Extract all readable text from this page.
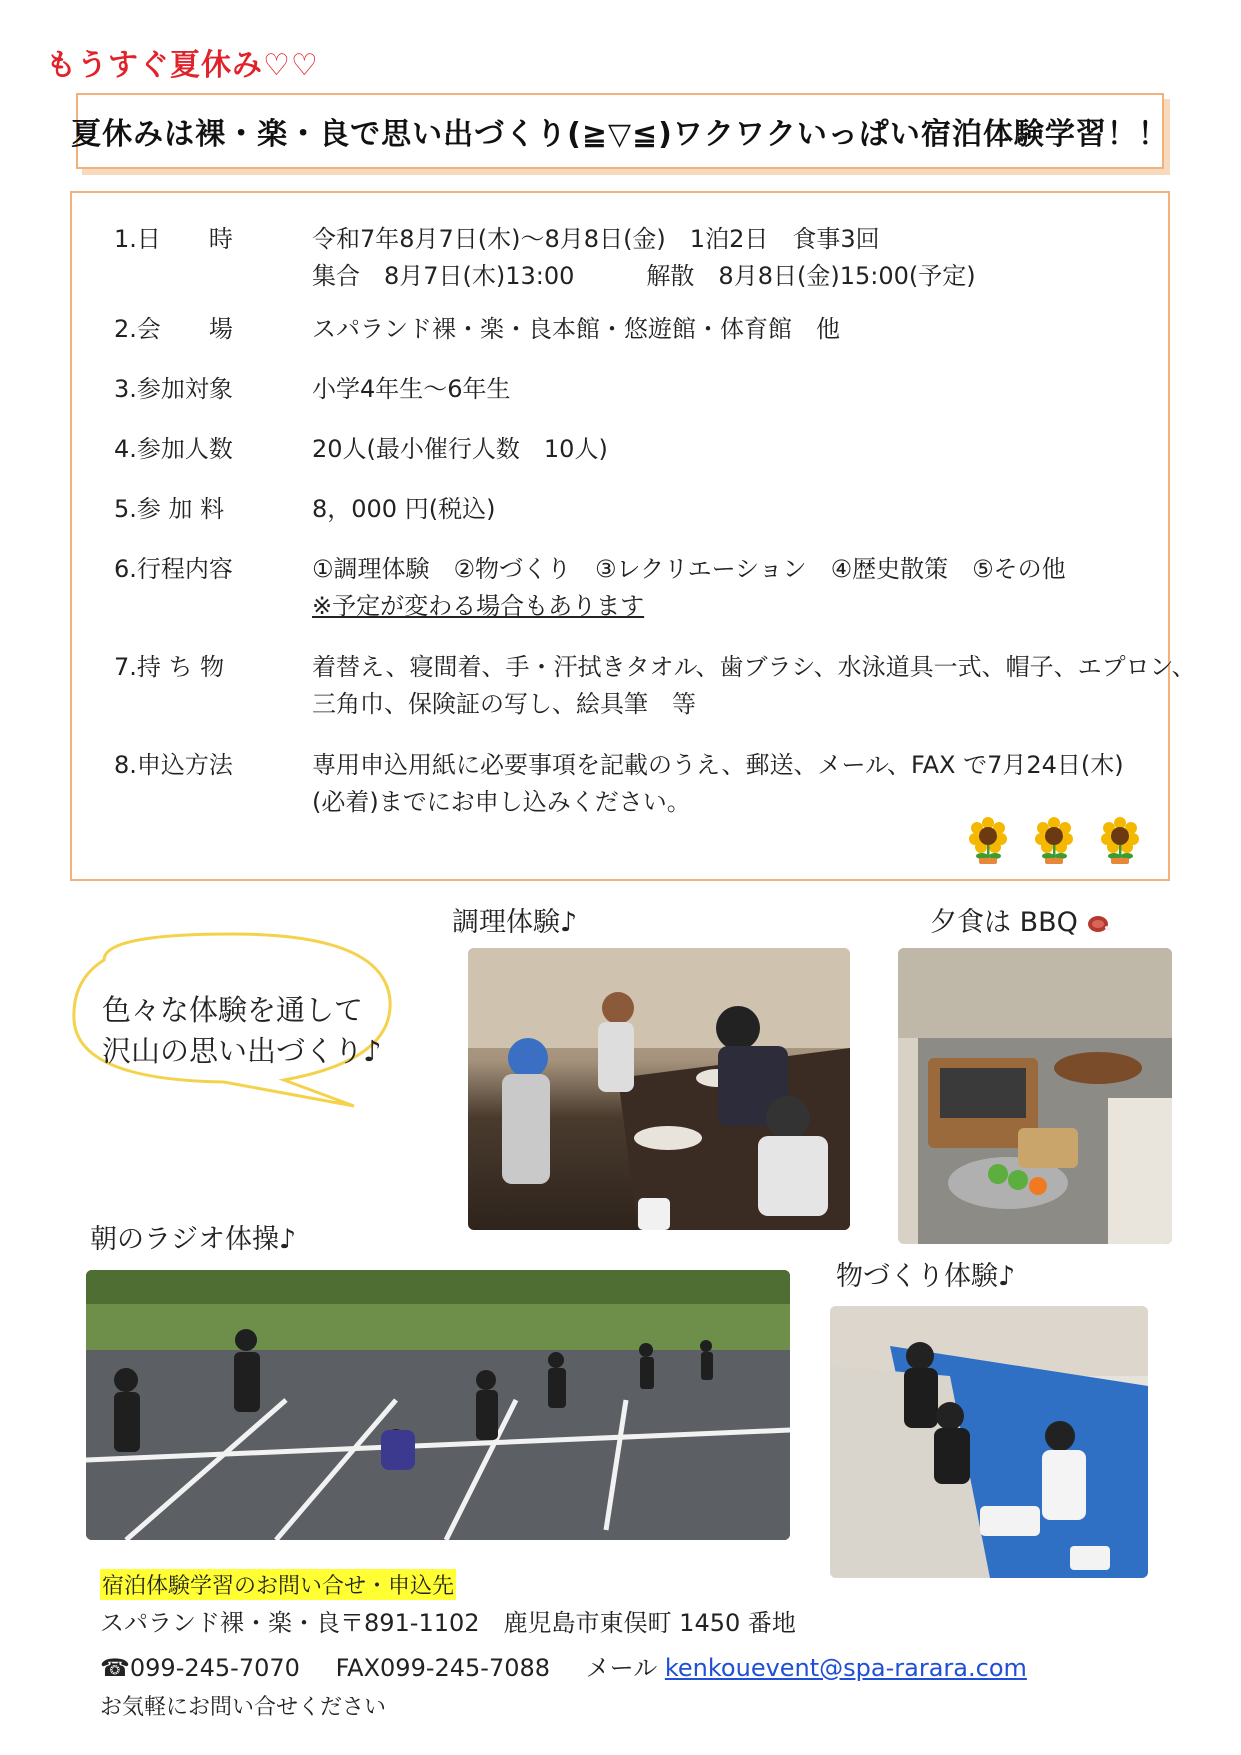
もうすぐ夏休み♡♡
夏休みは裸・楽・良で思い出づくり(≧▽≦)ワクワクいっぱい宿泊体験学習！！
1.日　　時	令和7年8月7日(木)～8月8日(金)　1泊2日　食事3回
集合　8月7日(木)13:00　　　解散　8月8日(金)15:00(予定)
2.会　　場	スパランド裸・楽・良本館・悠遊館・体育館　他
3.参加対象	小学4年生～6年生
4.参加人数	20人(最小催行人数　10人)
5.参 加 料	8，000 円(税込)
6.行程内容	①調理体験　②物づくり　③レクリエーション　④歴史散策　⑤その他
※予定が変わる場合もあります
7.持 ち 物	着替え、寝間着、手・汗拭きタオル、歯ブラシ、水泳道具一式、帽子、エプロン、
三角巾、保険証の写し、絵具筆　等
8.申込方法	専用申込用紙に必要事項を記載のうえ、郵送、メール、FAX で7月24日(木)
(必着)までにお申し込みください。
調理体験♪	夕食は BBQ
色々な体験を通して
沢山の思い出づくり♪
朝のラジオ体操♪
物づくり体験♪
宿泊体験学習のお問い合せ・申込先
スパランド裸・楽・良〒891-1102　鹿児島市東俣町 1450 番地
☎099-245-7070 FAX099-245-7088 メール kenkouevent@spa-rarara.com
お気軽にお問い合せください
